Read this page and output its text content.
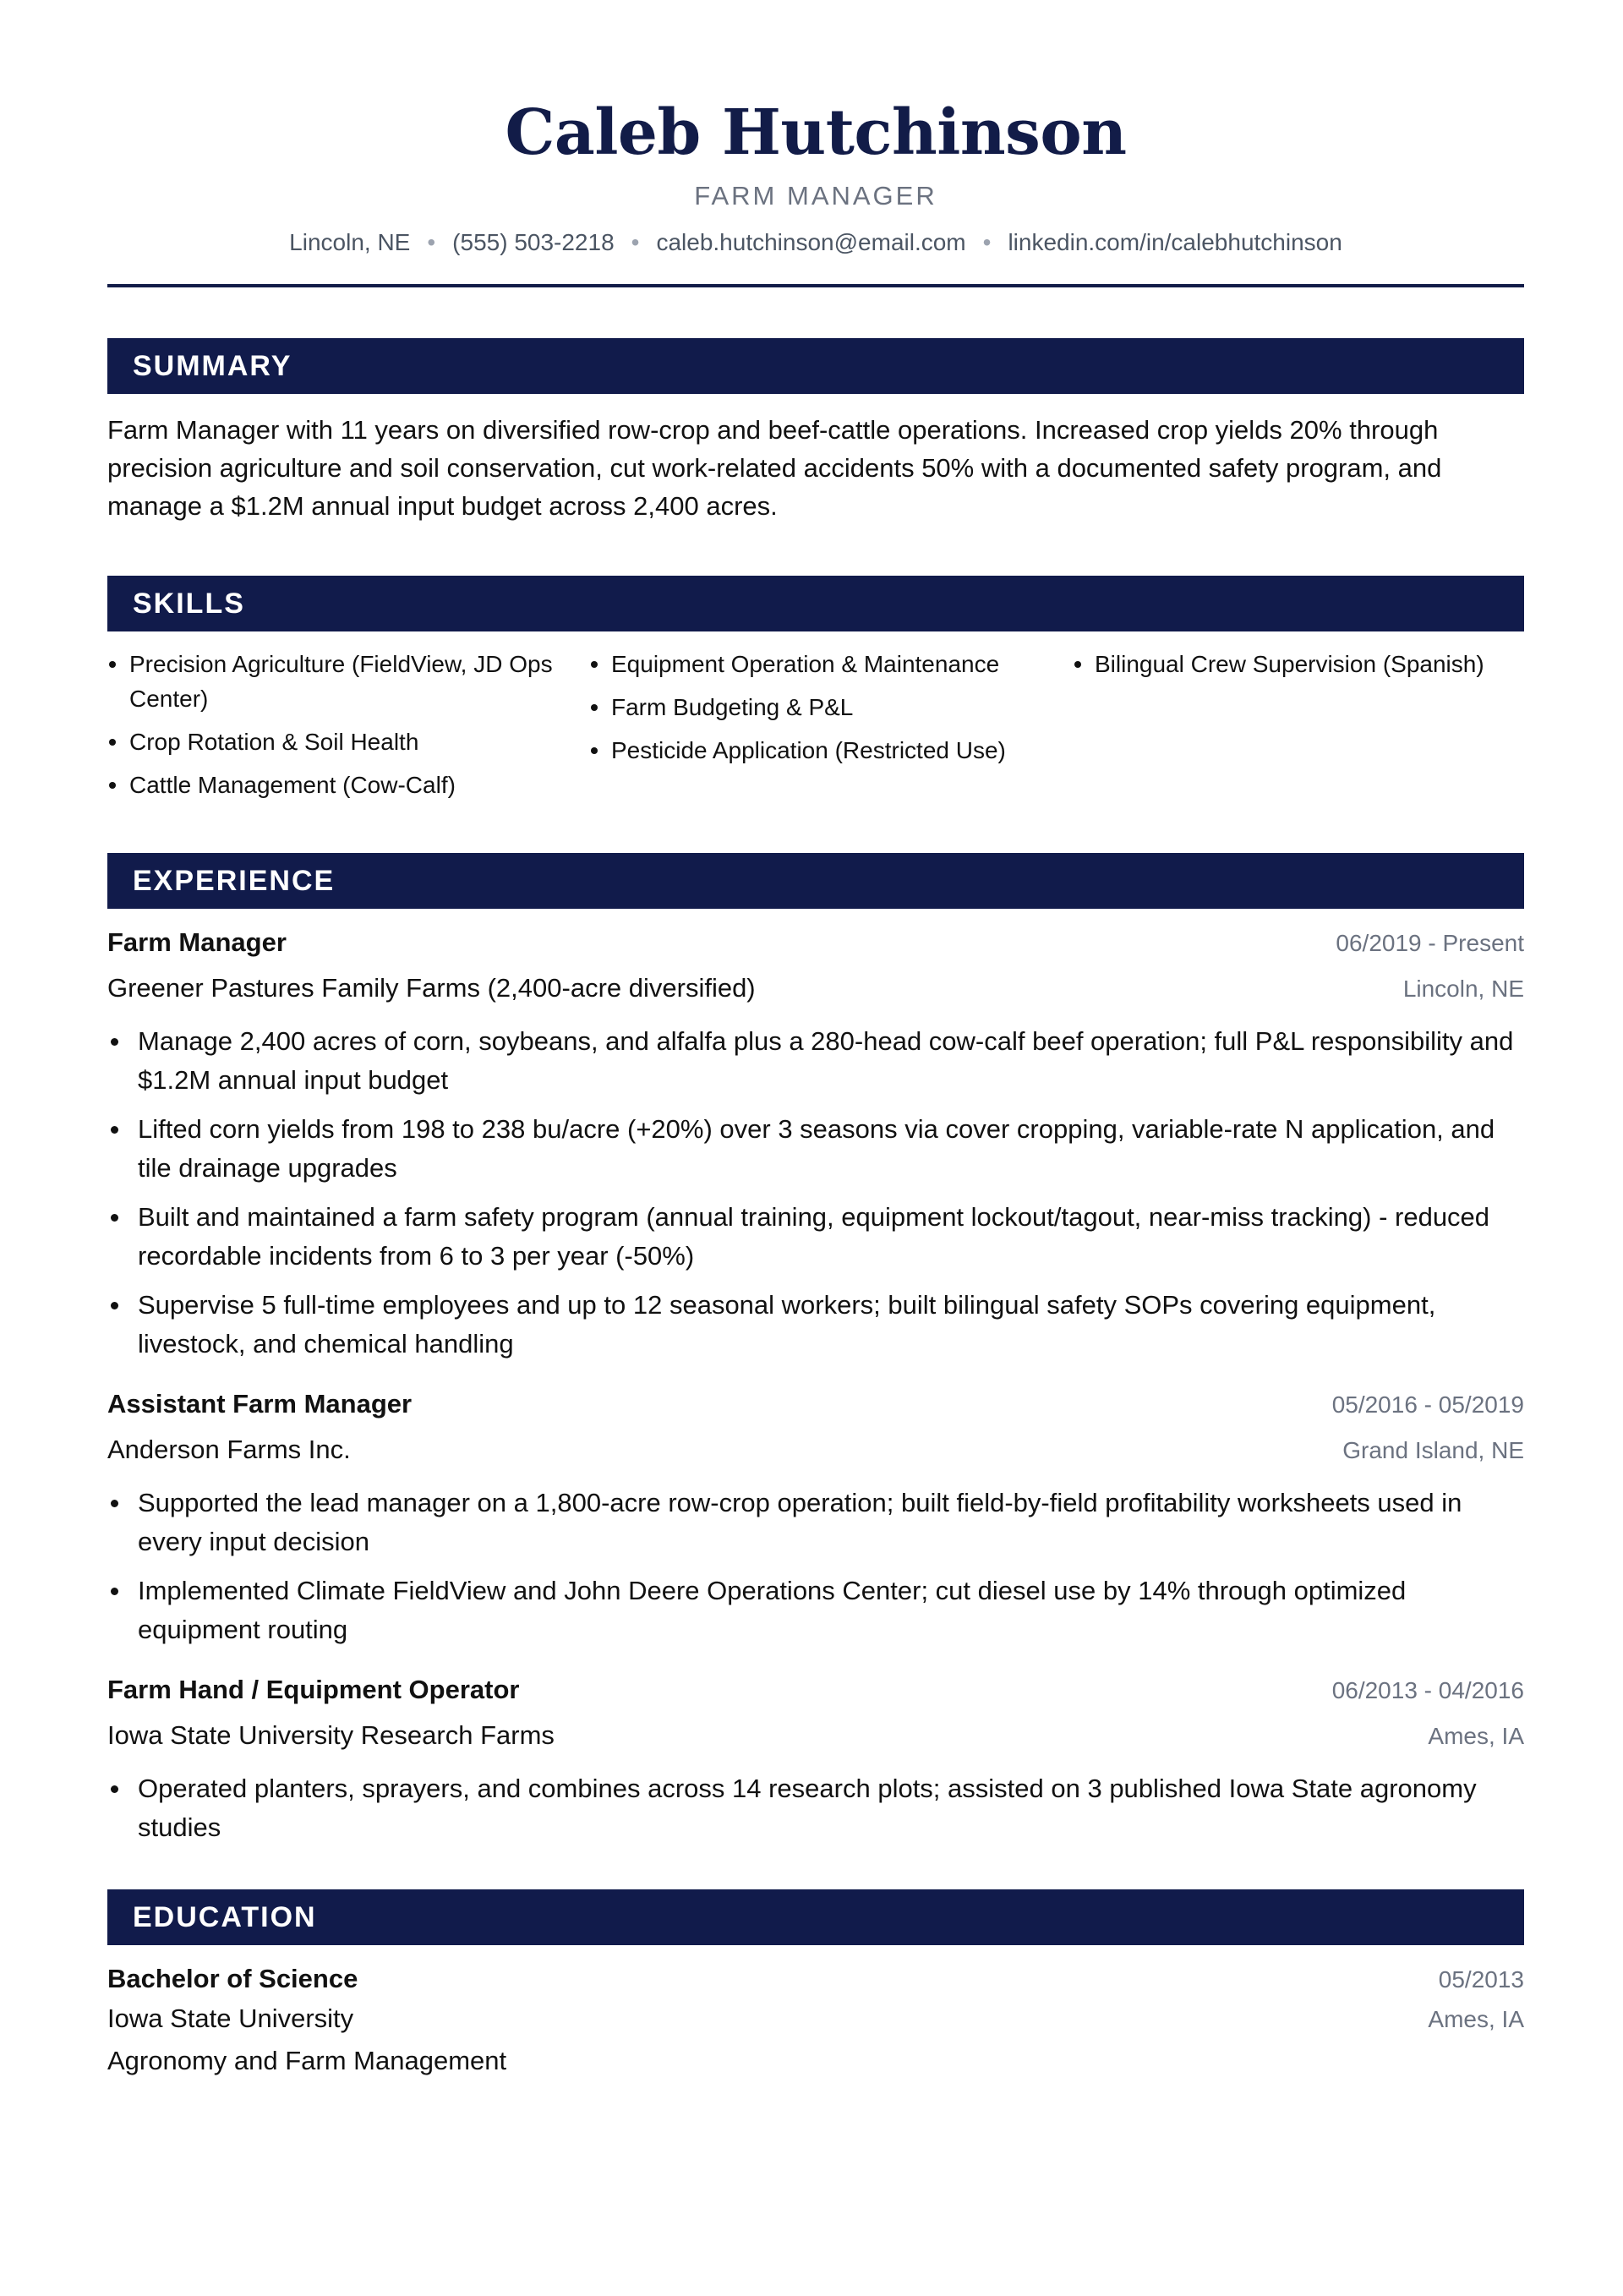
Caleb Hutchinson
FARM MANAGER
Lincoln, NE • (555) 503-2218 • caleb.hutchinson@email.com • linkedin.com/in/calebhutchinson
SUMMARY
Farm Manager with 11 years on diversified row-crop and beef-cattle operations. Increased crop yields 20% through precision agriculture and soil conservation, cut work-related accidents 50% with a documented safety program, and manage a $1.2M annual input budget across 2,400 acres.
SKILLS
Precision Agriculture (FieldView, JD Ops Center)
Crop Rotation & Soil Health
Cattle Management (Cow-Calf)
Equipment Operation & Maintenance
Farm Budgeting & P&L
Pesticide Application (Restricted Use)
Bilingual Crew Supervision (Spanish)
EXPERIENCE
Farm Manager	06/2019 - Present
Greener Pastures Family Farms (2,400-acre diversified)	Lincoln, NE
Manage 2,400 acres of corn, soybeans, and alfalfa plus a 280-head cow-calf beef operation; full P&L responsibility and $1.2M annual input budget
Lifted corn yields from 198 to 238 bu/acre (+20%) over 3 seasons via cover cropping, variable-rate N application, and tile drainage upgrades
Built and maintained a farm safety program (annual training, equipment lockout/tagout, near-miss tracking) - reduced recordable incidents from 6 to 3 per year (-50%)
Supervise 5 full-time employees and up to 12 seasonal workers; built bilingual safety SOPs covering equipment, livestock, and chemical handling
Assistant Farm Manager	05/2016 - 05/2019
Anderson Farms Inc.	Grand Island, NE
Supported the lead manager on a 1,800-acre row-crop operation; built field-by-field profitability worksheets used in every input decision
Implemented Climate FieldView and John Deere Operations Center; cut diesel use by 14% through optimized equipment routing
Farm Hand / Equipment Operator	06/2013 - 04/2016
Iowa State University Research Farms	Ames, IA
Operated planters, sprayers, and combines across 14 research plots; assisted on 3 published Iowa State agronomy studies
EDUCATION
Bachelor of Science	05/2013
Iowa State University	Ames, IA
Agronomy and Farm Management
